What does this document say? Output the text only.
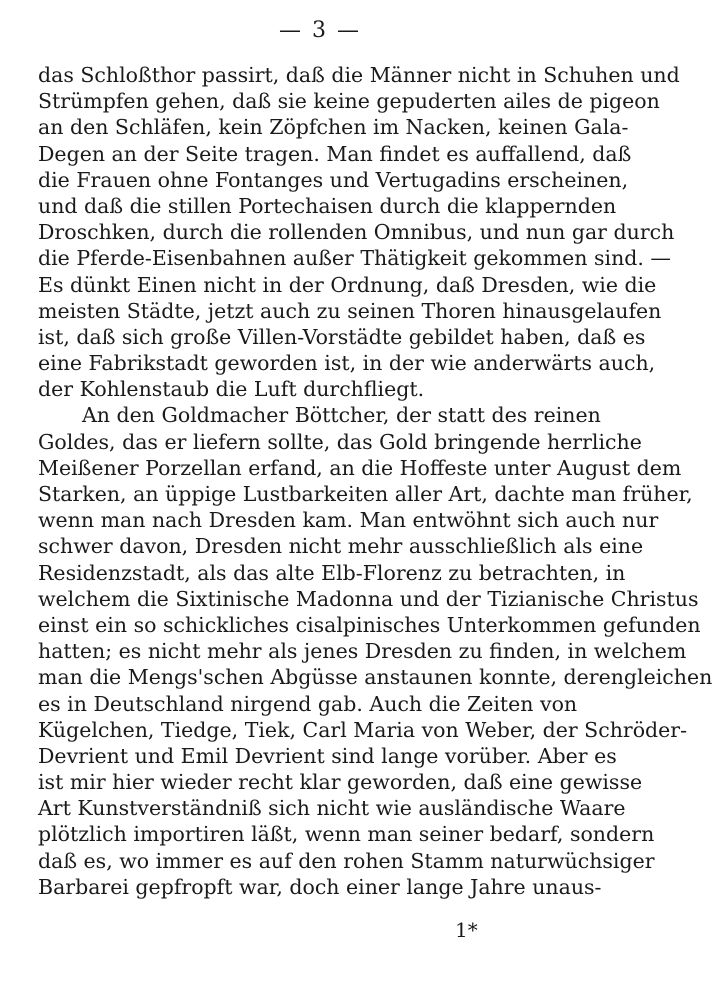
— 3 —
das Schloßthor passirt, daß die Männer nicht in Schuhen und
Strümpfen gehen, daß sie keine gepuderten ailes de pigeon
an den Schläfen, kein Zöpfchen im Nacken, keinen Gala-
Degen an der Seite tragen. Man findet es auffallend, daß
die Frauen ohne Fontanges und Vertugadins erscheinen,
und daß die stillen Portechaisen durch die klappernden
Droschken, durch die rollenden Omnibus, und nun gar durch
die Pferde-Eisenbahnen außer Thätigkeit gekommen sind. —
Es dünkt Einen nicht in der Ordnung, daß Dresden, wie die
meisten Städte, jetzt auch zu seinen Thoren hinausgelaufen
ist, daß sich große Villen-Vorstädte gebildet haben, daß es
eine Fabrikstadt geworden ist, in der wie anderwärts auch,
der Kohlenstaub die Luft durchfliegt.
An den Goldmacher Böttcher, der statt des reinen
Goldes, das er liefern sollte, das Gold bringende herrliche
Meißener Porzellan erfand, an die Hoffeste unter August dem
Starken, an üppige Lustbarkeiten aller Art, dachte man früher,
wenn man nach Dresden kam. Man entwöhnt sich auch nur
schwer davon, Dresden nicht mehr ausschließlich als eine
Residenzstadt, als das alte Elb-Florenz zu betrachten, in
welchem die Sixtinische Madonna und der Tizianische Christus
einst ein so schickliches cisalpinisches Unterkommen gefunden
hatten; es nicht mehr als jenes Dresden zu finden, in welchem
man die Mengs'schen Abgüsse anstaunen konnte, derengleichen
es in Deutschland nirgend gab. Auch die Zeiten von
Kügelchen, Tiedge, Tiek, Carl Maria von Weber, der Schröder-
Devrient und Emil Devrient sind lange vorüber. Aber es
ist mir hier wieder recht klar geworden, daß eine gewisse
Art Kunstverständniß sich nicht wie ausländische Waare
plötzlich importiren läßt, wenn man seiner bedarf, sondern
daß es, wo immer es auf den rohen Stamm naturwüchsiger
Barbarei gepfropft war, doch einer lange Jahre unaus-
1*
